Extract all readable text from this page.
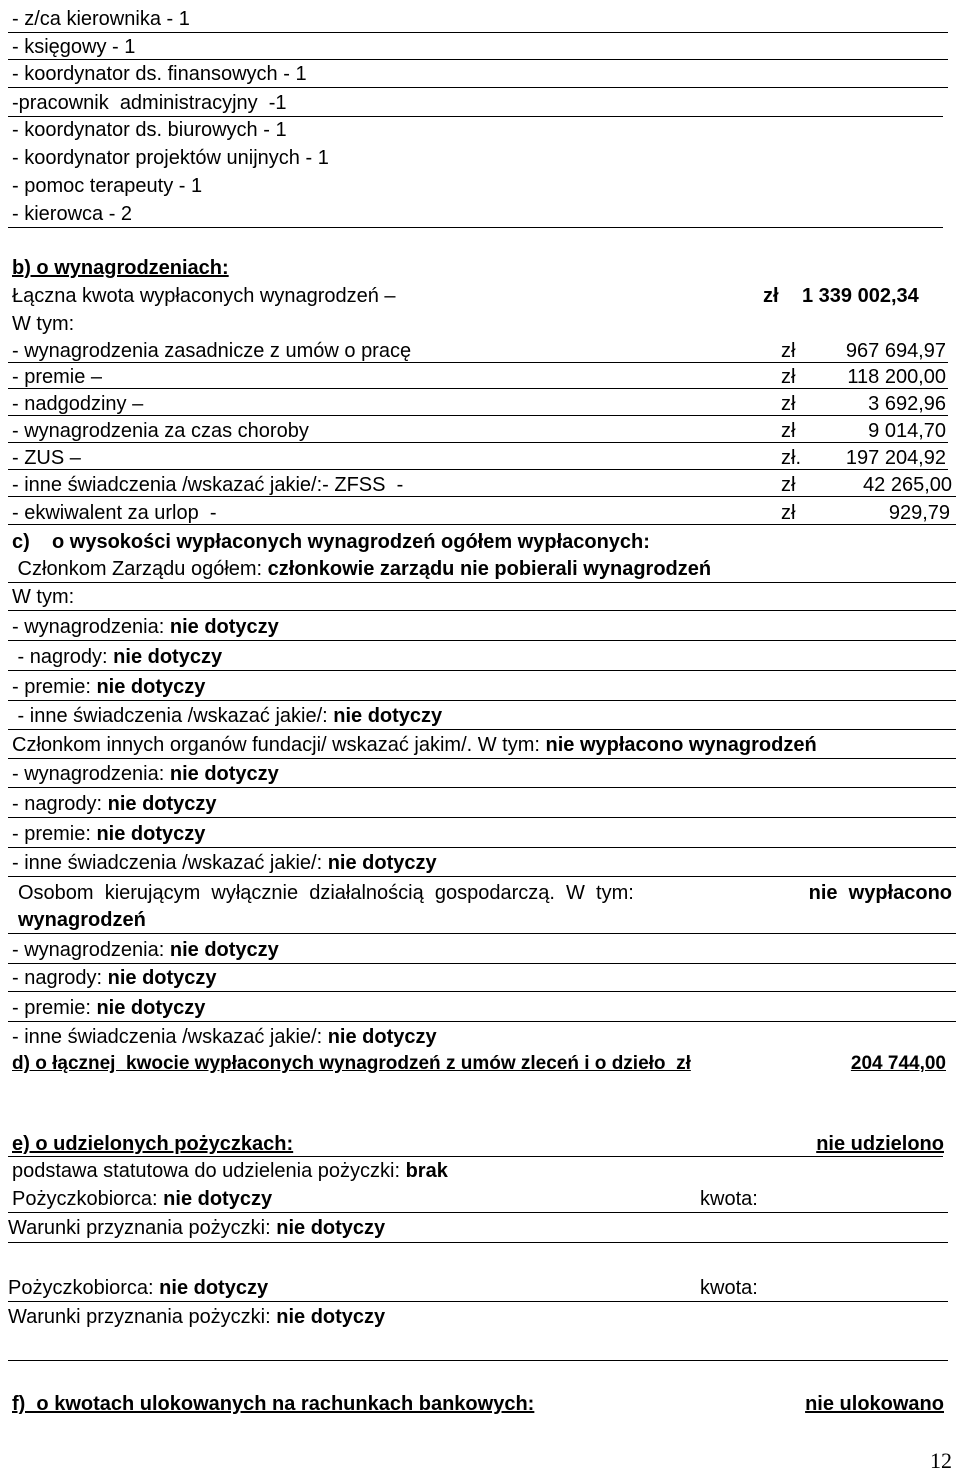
- z/ca kierownika - 1
- księgowy - 1
- koordynator ds. finansowych - 1
-pracownik  administracyjny  -1
- koordynator ds. biurowych - 1
- koordynator projektów unijnych - 1
- pomoc terapeuty - 1
- kierowca - 2
b) o wynagrodzeniach:
Łączna kwota wypłaconych wynagrodzeń –	zł 1 339 002,34
W tym:
- wynagrodzenia zasadnicze z umów o pracę	zł	967 694,97
- premie –	zł	118 200,00
- nadgodziny –	zł	3 692,96
- wynagrodzenia za czas choroby	zł	9 014,70
- ZUS –	zł. 197 204,92
- inne świadczenia /wskazać jakie/:- ZFSS  -	zł	42 265,00
- ekwiwalent za urlop  -	zł	929,79
c)    o wysokości wypłaconych wynagrodzeń ogółem wypłaconych:
Członkom Zarządu ogółem: członkowie zarządu nie pobierali wynagrodzeń
W tym:
- wynagrodzenia: nie dotyczy
- nagrody: nie dotyczy
- premie: nie dotyczy
- inne świadczenia /wskazać jakie/: nie dotyczy
Członkom innych organów fundacji/ wskazać jakim/. W tym: nie wypłacono wynagrodzeń
- wynagrodzenia: nie dotyczy
- nagrody: nie dotyczy
- premie: nie dotyczy
- inne świadczenia /wskazać jakie/: nie dotyczy
Osobom  kierującym  wyłącznie  działalnością  gospodarczą.  W  tym:	nie  wypłacono
wynagrodzeń
- wynagrodzenia: nie dotyczy
- nagrody: nie dotyczy
- premie: nie dotyczy
- inne świadczenia /wskazać jakie/: nie dotyczy
d) o łącznej  kwocie wypłaconych wynagrodzeń z umów zleceń i o dzieło  zł	204 744,00
e) o udzielonych pożyczkach:	nie udzielono
podstawa statutowa do udzielenia pożyczki: brak
Pożyczkobiorca: nie dotyczy	kwota:
Warunki przyznania pożyczki: nie dotyczy
Pożyczkobiorca: nie dotyczy	kwota:
Warunki przyznania pożyczki: nie dotyczy
f)  o kwotach ulokowanych na rachunkach bankowych:	nie ulokowano
12
